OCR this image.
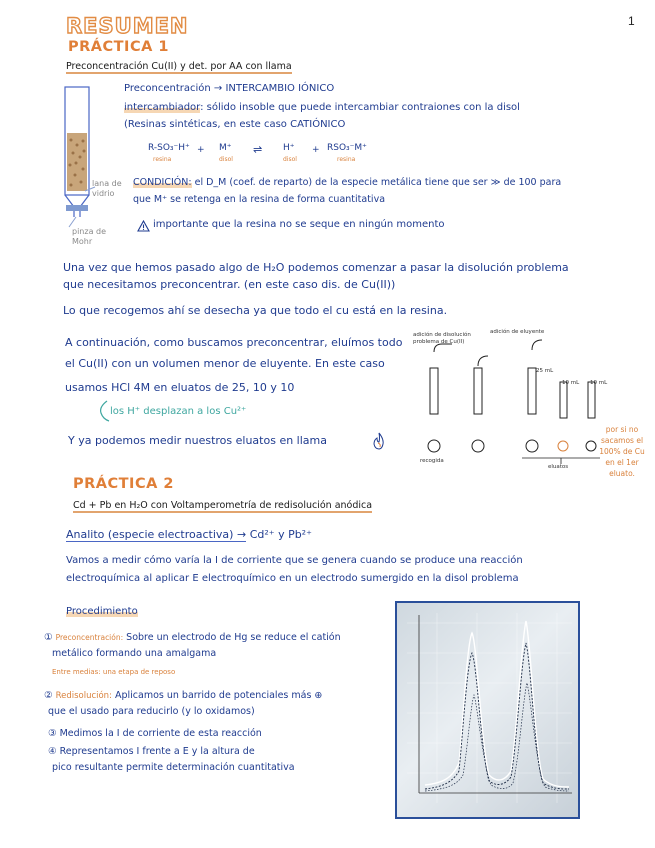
1
RESUMEN
PRÁCTICA 1
Preconcentración Cu(II) y det. por AA con llama
lana de vidrio
pinza de Mohr
Preconcentración → INTERCAMBIO IÓNICO
intercambiador: sólido insoble que puede intercambiar contraiones con la disol
(Resinas sintéticas, en este caso CATIÓNICO
R-SO₃⁻H⁺
resina
+ M⁺
disol
⇌ H⁺
disol
+ RSO₃⁻M⁺
resina
CONDICIÓN: el D_M (coef. de reparto) de la especie metálica tiene que ser ≫ de 100 para
que M⁺ se retenga en la resina de forma cuantitativa
importante que la resina no se seque en ningún momento
Una vez que hemos pasado algo de H₂O podemos comenzar a pasar la disolución problema
que necesitamos preconcentrar. (en este caso dis. de Cu(II))
Lo que recogemos ahí se desecha ya que todo el cu está en la resina.
A continuación, como buscamos preconcentrar, eluímos todo
el Cu(II) con un volumen menor de eluyente. En este caso
usamos HCl 4M en eluatos de 25, 10 y 10
los H⁺ desplazan a los Cu²⁺
Y ya podemos medir nuestros eluatos en llama
adición de disolución problema de Cu(II)
adición de eluyente
recogida
eluatos
25 mL
10 mL 10 mL
por si no sacamos el 100% de Cu en el 1er eluato.
PRÁCTICA 2
Cd + Pb en H₂O con Voltamperometría de redisolución anódica
Analito (especie electroactiva) → Cd²⁺ y Pb²⁺
Vamos a medir cómo varía la I de corriente que se genera cuando se produce una reacción
electroquímica al aplicar E electroquímico en un electrodo sumergido en la disol problema
Procedimiento
① Preconcentración: Sobre un electrodo de Hg se reduce el catión
metálico formando una amalgama
Entre medias: una etapa de reposo
② Redisolución: Aplicamos un barrido de potenciales más ⊕
que el usado para reducirlo (y lo oxidamos)
③ Medimos la I de corriente de esta reacción
④ Representamos I frente a E y la altura de
pico resultante permite determinación cuantitativa
